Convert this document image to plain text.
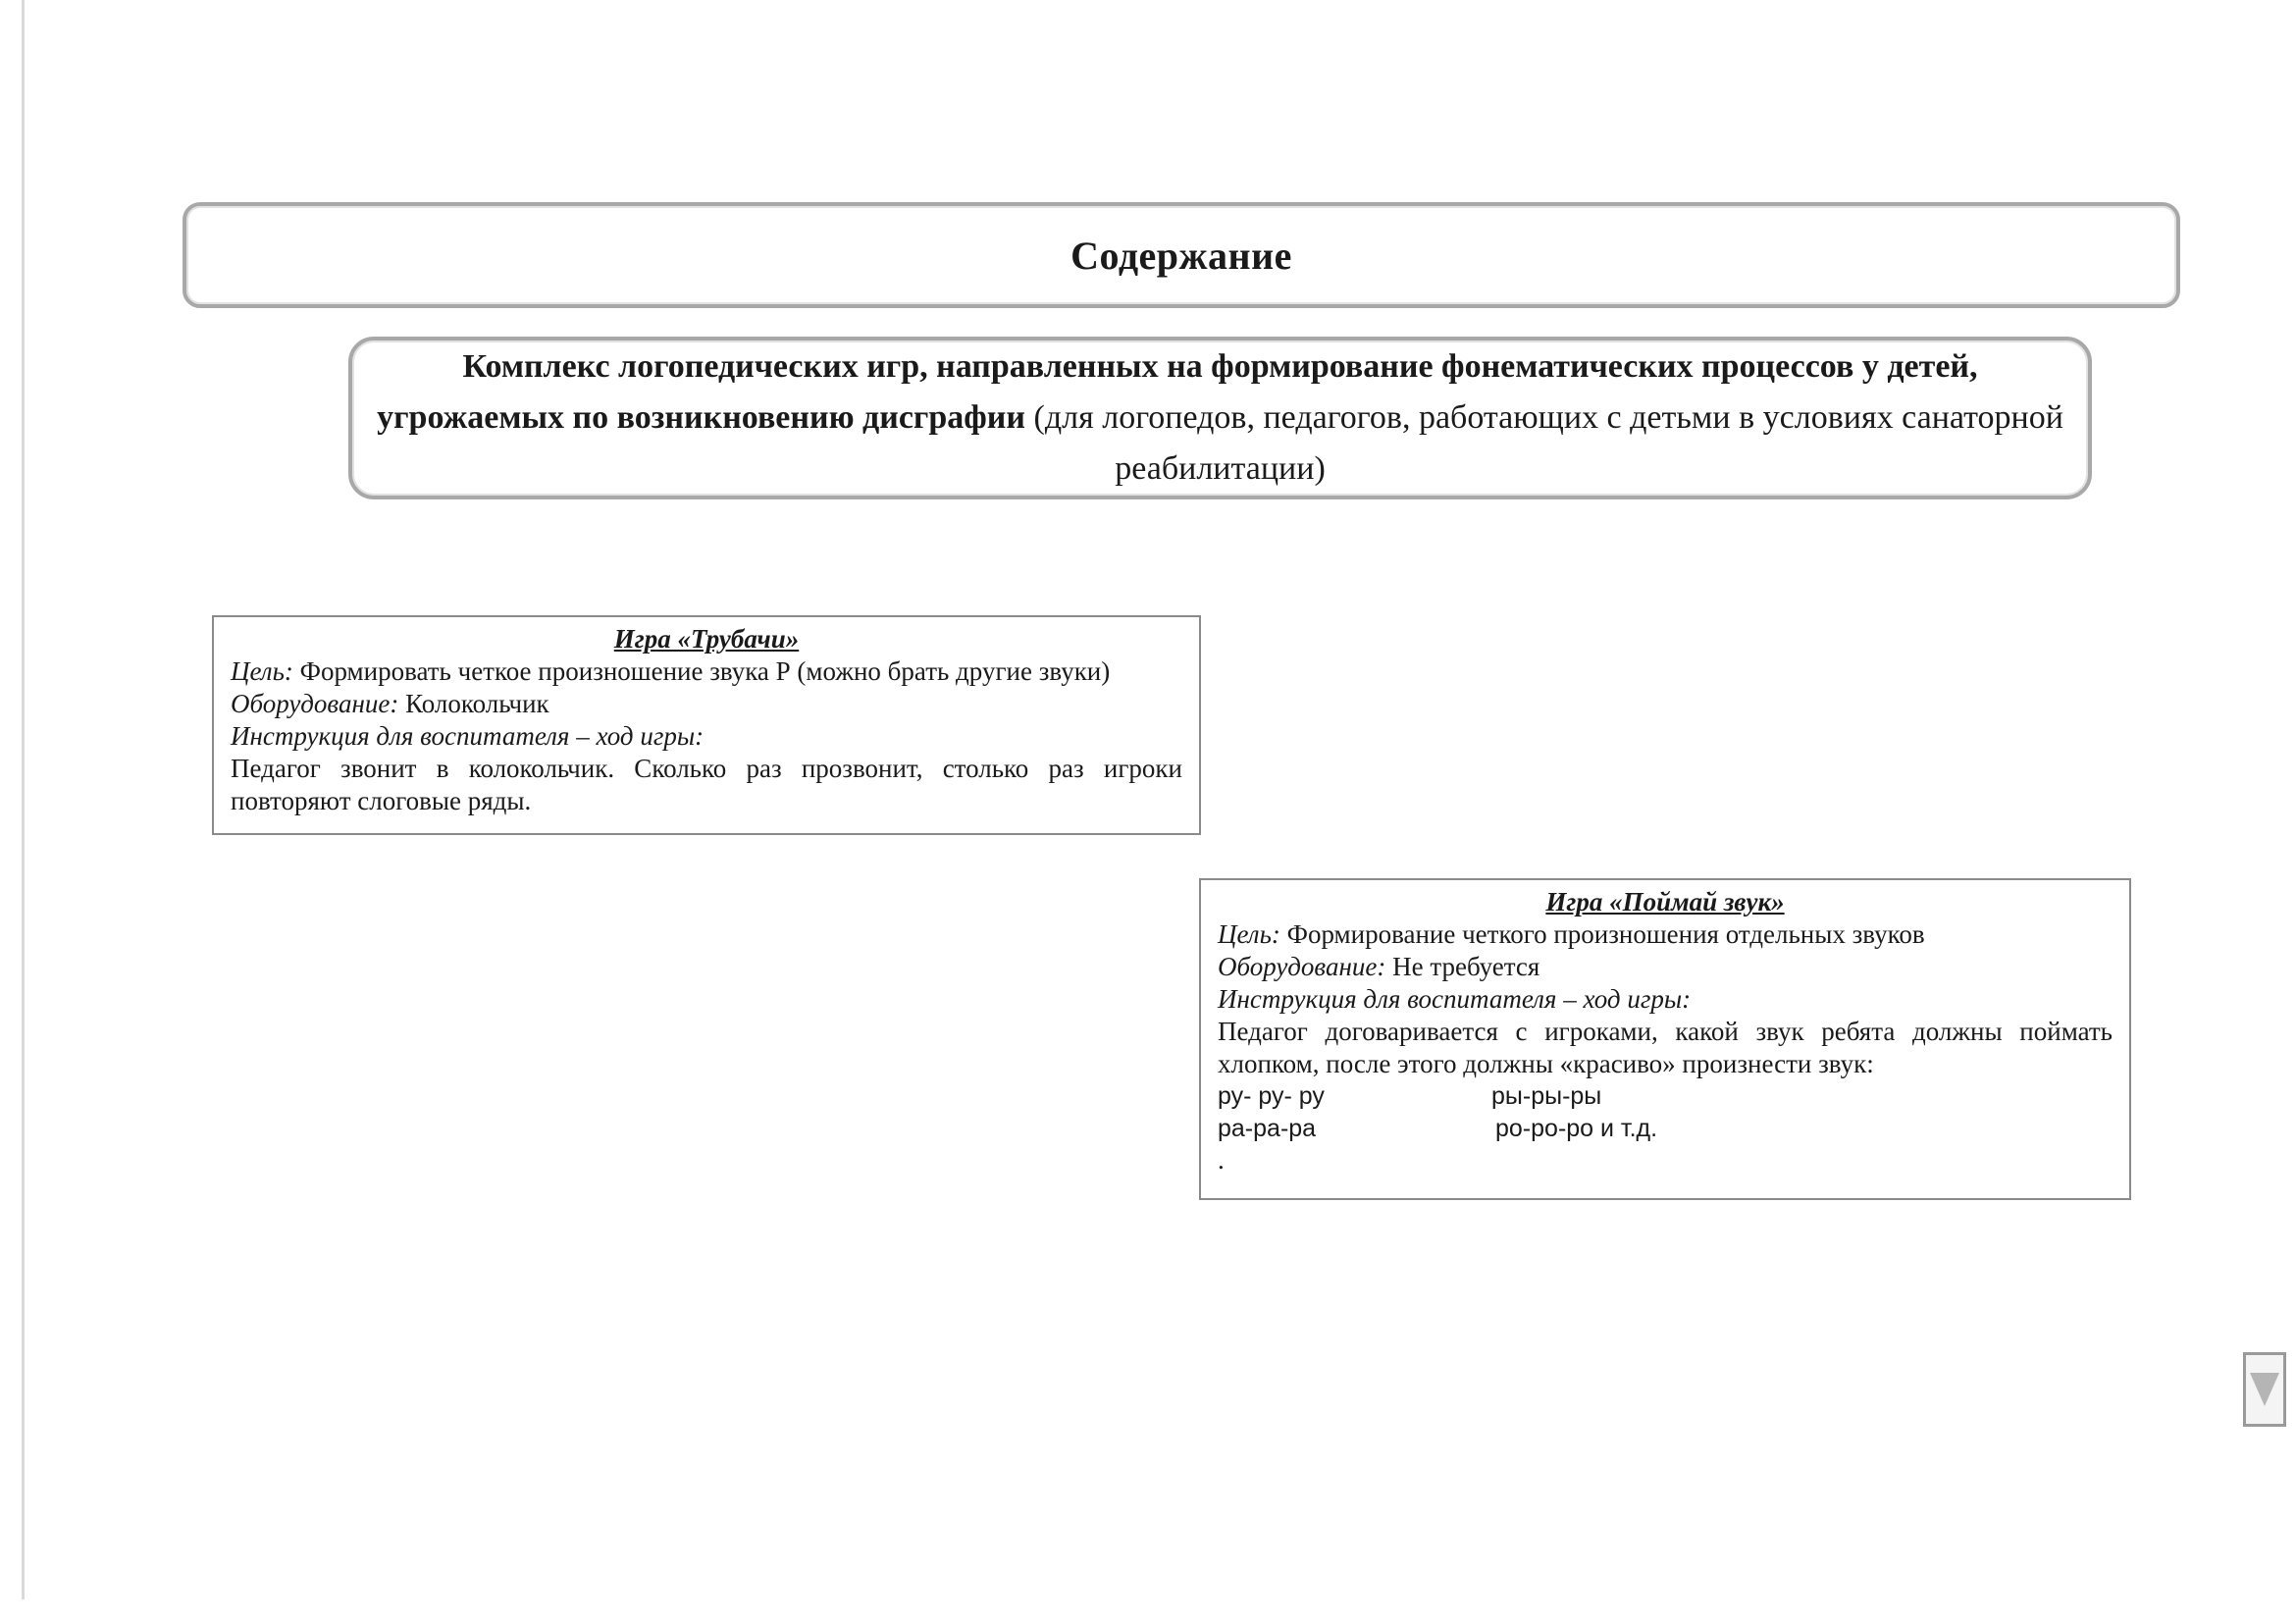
Содержание
Комплекс логопедических игр, направленных на формирование фонематических процессов у детей, угрожаемых по возникновению дисграфии (для логопедов, педагогов, работающих с детьми в условиях санаторной реабилитации)
Игра «Трубачи»
Цель: Формировать четкое произношение звука Р (можно брать другие звуки)
Оборудование: Колокольчик
Инструкция для воспитателя – ход игры:
Педагог звонит в колокольчик. Сколько раз прозвонит, столько раз игроки повторяют слоговые ряды.
Игра «Поймай звук»
Цель: Формирование четкого произношения отдельных звуков
Оборудование: Не требуется
Инструкция для воспитателя – ход игры:
Педагог договаривается с игроками, какой звук ребята должны поймать хлопком, после этого должны «красиво» произнести звук:
ру- ру- ру	ры-ры-ры
ра-ра-ра	ро-ро-ро и т.д.
.
